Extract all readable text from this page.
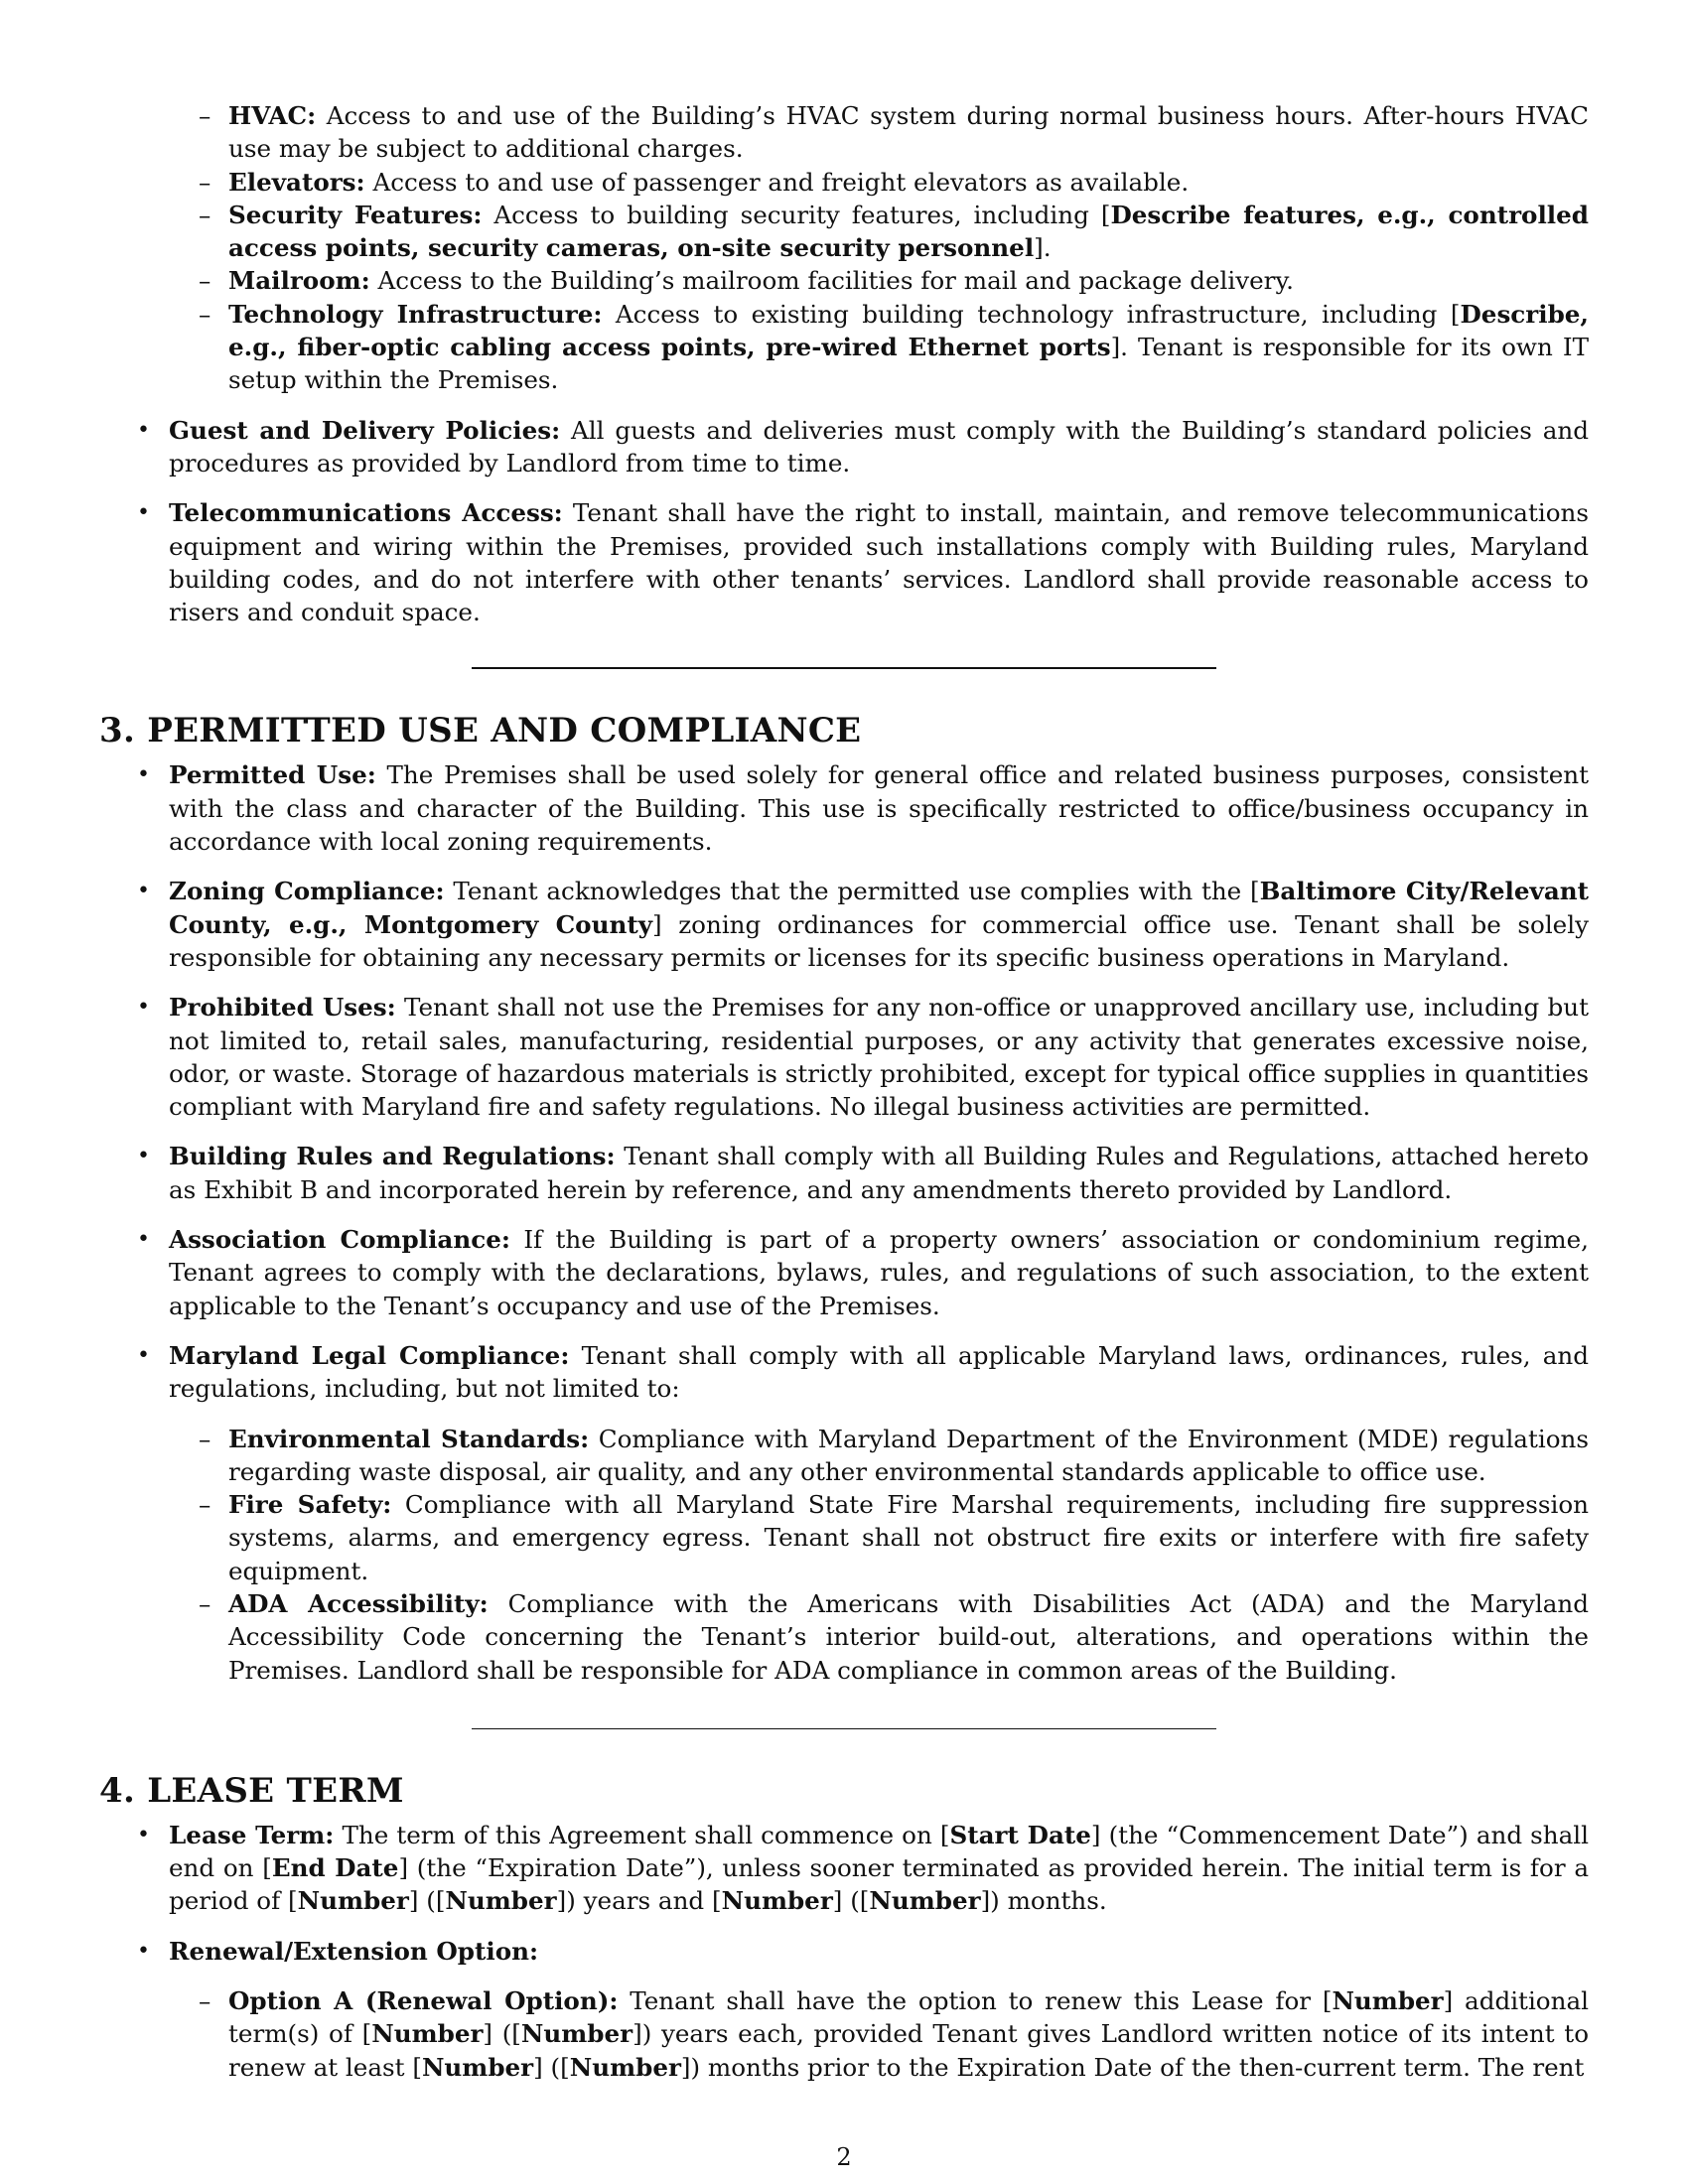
– HVAC: Access to and use of the Building’s HVAC system during normal business hours. After-hours HVAC use may be subject to additional charges.
– Elevators: Access to and use of passenger and freight elevators as available.
– Security Features: Access to building security features, including [Describe features, e.g., controlled access points, security cameras, on-site security personnel].
– Mailroom: Access to the Building’s mailroom facilities for mail and package delivery.
– Technology Infrastructure: Access to existing building technology infrastructure, including [Describe, e.g., fiber-optic cabling access points, pre-wired Ethernet ports]. Tenant is responsible for its own IT setup within the Premises.
• Guest and Delivery Policies: All guests and deliveries must comply with the Building’s standard policies and procedures as provided by Landlord from time to time.
• Telecommunications Access: Tenant shall have the right to install, maintain, and remove telecommunications equipment and wiring within the Premises, provided such installations comply with Building rules, Maryland building codes, and do not interfere with other tenants’ services. Landlord shall provide reasonable access to risers and conduit space.
3. PERMITTED USE AND COMPLIANCE
• Permitted Use: The Premises shall be used solely for general office and related business purposes, consistent with the class and character of the Building. This use is specifically restricted to office/business occupancy in accordance with local zoning requirements.
• Zoning Compliance: Tenant acknowledges that the permitted use complies with the [Baltimore City/Relevant County, e.g., Montgomery County] zoning ordinances for commercial office use. Tenant shall be solely responsible for obtaining any necessary permits or licenses for its specific business operations in Maryland.
• Prohibited Uses: Tenant shall not use the Premises for any non-office or unapproved ancillary use, including but not limited to, retail sales, manufacturing, residential purposes, or any activity that generates excessive noise, odor, or waste. Storage of hazardous materials is strictly prohibited, except for typical office supplies in quantities compliant with Maryland fire and safety regulations. No illegal business activities are permitted.
• Building Rules and Regulations: Tenant shall comply with all Building Rules and Regulations, attached hereto as Exhibit B and incorporated herein by reference, and any amendments thereto provided by Landlord.
• Association Compliance: If the Building is part of a property owners’ association or condominium regime, Tenant agrees to comply with the declarations, bylaws, rules, and regulations of such association, to the extent applicable to the Tenant’s occupancy and use of the Premises.
• Maryland Legal Compliance: Tenant shall comply with all applicable Maryland laws, ordinances, rules, and regulations, including, but not limited to:
– Environmental Standards: Compliance with Maryland Department of the Environment (MDE) regulations regarding waste disposal, air quality, and any other environmental standards applicable to office use.
– Fire Safety: Compliance with all Maryland State Fire Marshal requirements, including fire suppression systems, alarms, and emergency egress. Tenant shall not obstruct fire exits or interfere with fire safety equipment.
– ADA Accessibility: Compliance with the Americans with Disabilities Act (ADA) and the Maryland Accessibility Code concerning the Tenant’s interior build-out, alterations, and operations within the Premises. Landlord shall be responsible for ADA compliance in common areas of the Building.
4. LEASE TERM
• Lease Term: The term of this Agreement shall commence on [Start Date] (the “Commencement Date”) and shall end on [End Date] (the “Expiration Date”), unless sooner terminated as provided herein. The initial term is for a period of [Number] ([Number]) years and [Number] ([Number]) months.
• Renewal/Extension Option:
– Option A (Renewal Option): Tenant shall have the option to renew this Lease for [Number] additional term(s) of [Number] ([Number]) years each, provided Tenant gives Landlord written notice of its intent to renew at least [Number] ([Number]) months prior to the Expiration Date of the then-current term. The rent
2
